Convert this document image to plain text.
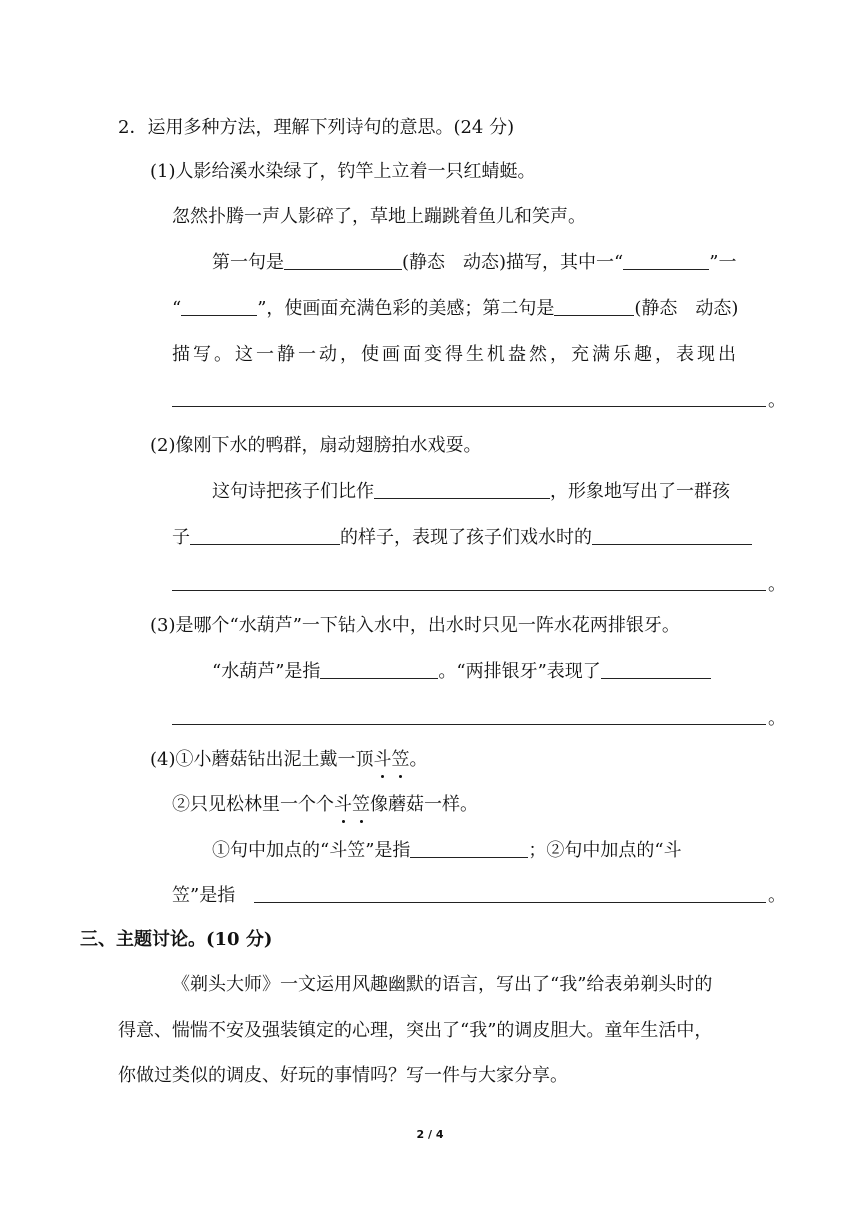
2．运用多种方法，理解下列诗句的意思。(24 分)
(1)人影给溪水染绿了，钓竿上立着一只红蜻蜓。
忽然扑腾一声人影碎了，草地上蹦跳着鱼儿和笑声。
第一句是	(静态　动态)描写，其中一“	”一
“	”，使画面充满色彩的美感；第二句是	(静态　动态)
描写。这一静一动，使画面变得生机盎然，充满乐趣，表现出
。
(2)像刚下水的鸭群，扇动翅膀拍水戏耍。
这句诗把孩子们比作	，形象地写出了一群孩
子	的样子，表现了孩子们戏水时的
。
(3)是哪个“水葫芦”一下钻入水中，出水时只见一阵水花两排银牙。
“水葫芦”是指	。“两排银牙”表现了
。
(4)①小蘑菇钻出泥土戴一顶斗笠。
②只见松林里一个个斗笠像蘑菇一样。
①句中加点的“斗笠”是指	；②句中加点的“斗
笠”是指	。
三、主题讨论。(10 分)
《剃头大师》一文运用风趣幽默的语言，写出了“我”给表弟剃头时的
得意、惴惴不安及强装镇定的心理，突出了“我”的调皮胆大。童年生活中，
你做过类似的调皮、好玩的事情吗？写一件与大家分享。
2 / 4
